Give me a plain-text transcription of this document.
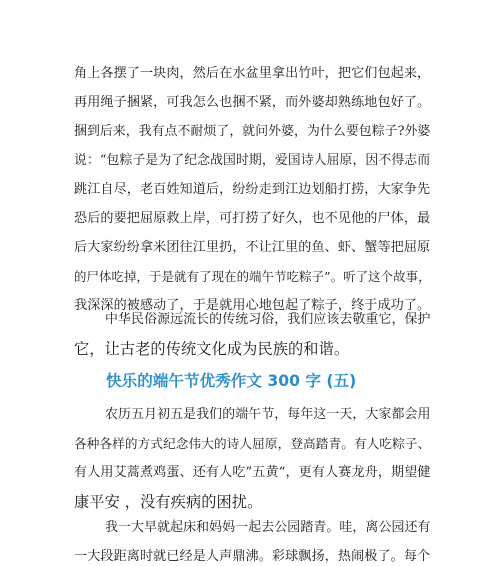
角上各摆了一块肉，然后在水盆里拿出竹叶，把它们包起来，
再用绳子捆紧，可我怎么也捆不紧，而外婆却熟练地包好了。
捆到后来，我有点不耐烦了，就问外婆，为什么要包粽子?外婆
说：“包粽子是为了纪念战国时期，爱国诗人屈原，因不得志而
跳江自尽，老百姓知道后，纷纷走到江边划船打捞，大家争先
恐后的要把屈原救上岸，可打捞了好久，也不见他的尸体，最
后大家纷纷拿米团往江里扔，不让江里的鱼、虾、蟹等把屈原
的尸体吃掉，于是就有了现在的端午节吃粽子”。听了这个故事，
我深深的被感动了，于是就用心地包起了粽子，终于成功了。
中华民俗源远流长的传统习俗，我们应该去敬重它，保护
它，让古老的传统文化成为民族的和谐。
快乐的端午节优秀作文 300 字 (五)
农历五月初五是我们的端午节，每年这一天，大家都会用
各种各样的方式纪念伟大的诗人屈原，登高踏青。有人吃粽子、
有人用艾蒿煮鸡蛋、还有人吃”五黄“，更有人赛龙舟，期望健
康平安 ，没有疾病的困扰。
我一大早就起床和妈妈一起去公园踏青。哇，离公园还有
一大段距离时就已经是人声鼎沸。彩球飘扬，热闹极了。每个
